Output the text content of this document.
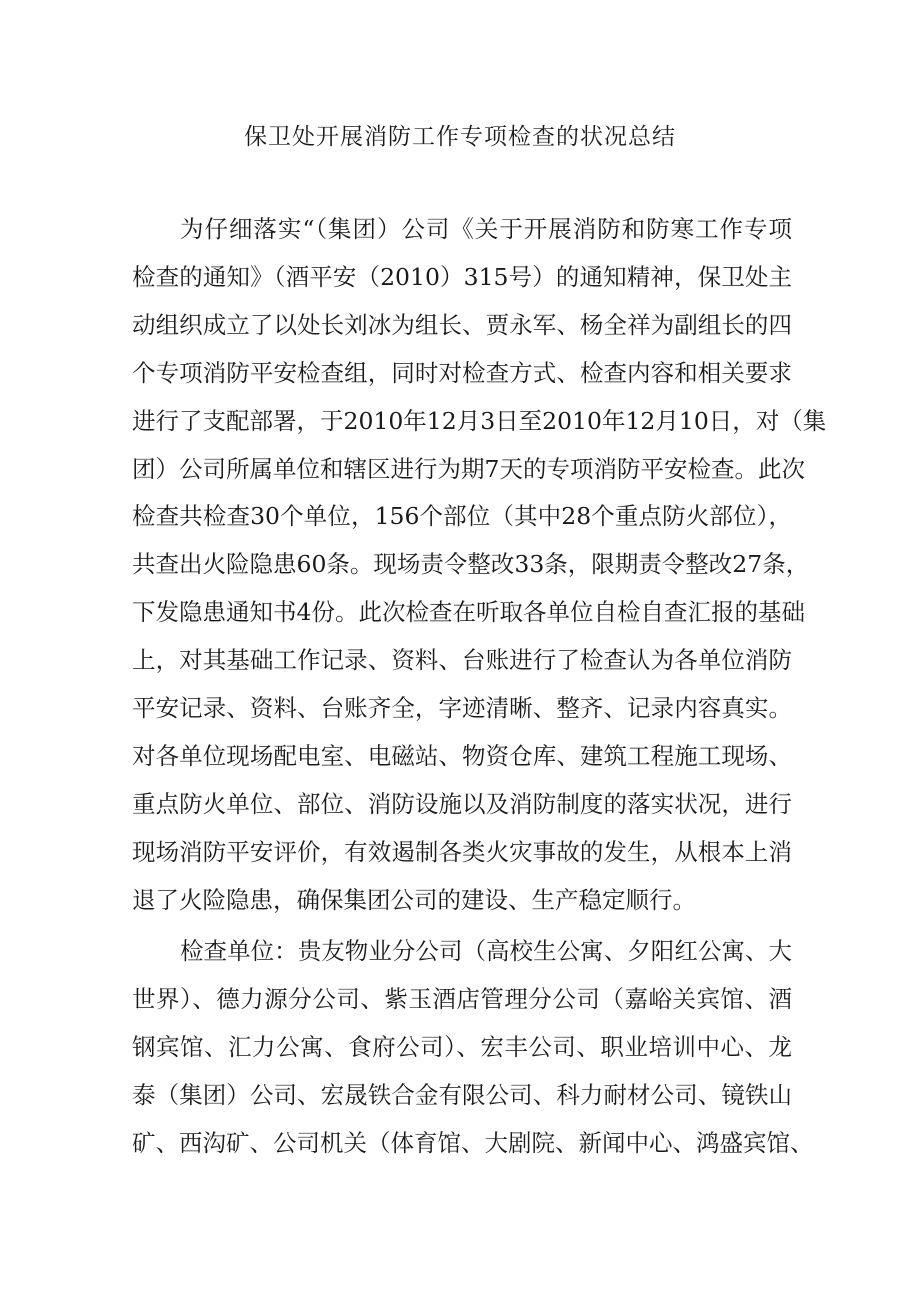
保卫处开展消防工作专项检查的状况总结
为仔细落实“（集团）公司《关于开展消防和防寒工作专项
检查的通知》（酒平安（2010）315号）的通知精神，保卫处主
动组织成立了以处长刘冰为组长、贾永军、杨全祥为副组长的四
个专项消防平安检查组，同时对检查方式、检查内容和相关要求
进行了支配部署，于2010年12月3日至2010年12月10日，对（集
团）公司所属单位和辖区进行为期7天的专项消防平安检查。此次
检查共检查30个单位，156个部位（其中28个重点防火部位），
共查出火险隐患60条。现场责令整改33条，限期责令整改27条，
下发隐患通知书4份。此次检查在听取各单位自检自查汇报的基础
上，对其基础工作记录、资料、台账进行了检查认为各单位消防
平安记录、资料、台账齐全，字迹清晰、整齐、记录内容真实。
对各单位现场配电室、电磁站、物资仓库、建筑工程施工现场、
重点防火单位、部位、消防设施以及消防制度的落实状况，进行
现场消防平安评价，有效遏制各类火灾事故的发生，从根本上消
退了火险隐患，确保集团公司的建设、生产稳定顺行。
检查单位：贵友物业分公司（高校生公寓、夕阳红公寓、大
世界）、德力源分公司、紫玉酒店管理分公司（嘉峪关宾馆、酒
钢宾馆、汇力公寓、食府公司）、宏丰公司、职业培训中心、龙
泰（集团）公司、宏晟铁合金有限公司、科力耐材公司、镜铁山
矿、西沟矿、公司机关（体育馆、大剧院、新闻中心、鸿盛宾馆、
